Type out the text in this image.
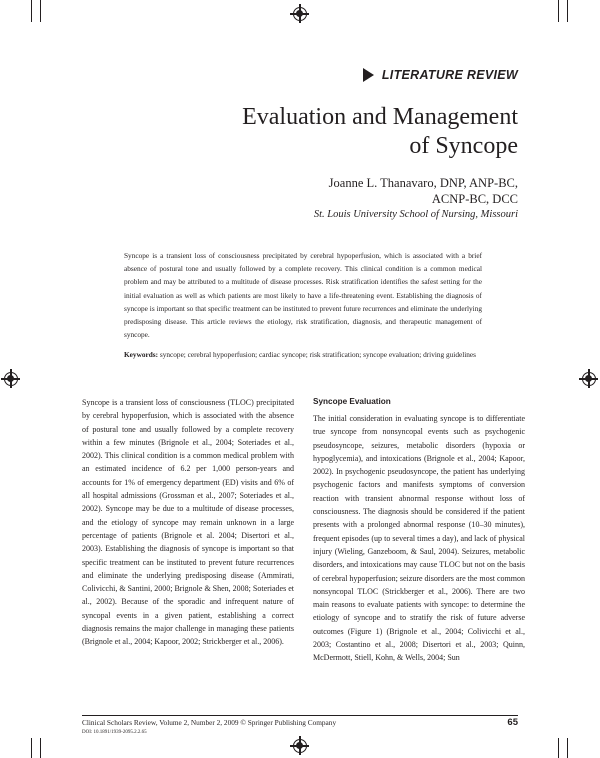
LITERATURE REVIEW
Evaluation and Management
of Syncope
Joanne L. Thanavaro, DNP, ANP-BC,
ACNP-BC, DCC
St. Louis University School of Nursing, Missouri
Syncope is a transient loss of consciousness precipitated by cerebral hypoperfusion, which is associated with a brief absence of postural tone and usually followed by a complete recovery. This clinical condition is a common medical problem and may be attributed to a multitude of disease processes. Risk stratification identifies the safest setting for the initial evaluation as well as which patients are most likely to have a life-threatening event. Establishing the diagnosis of syncope is important so that specific treatment can be instituted to prevent future recurrences and eliminate the underlying predisposing disease. This article reviews the etiology, risk stratification, diagnosis, and therapeutic management of syncope.
Keywords: syncope; cerebral hypoperfusion; cardiac syncope; risk stratification; syncope evaluation; driving guidelines

Syncope is a transient loss of consciousness (TLOC) precipitated by cerebral hypoperfusion, which is associated with the absence of postural tone and usually followed by a complete recovery within a few minutes (Brignole et al., 2004; Soteriades et al., 2002). This clinical condition is a common medical problem with an estimated incidence of 6.2 per 1,000 person-years and accounts for 1% of emergency department (ED) visits and 6% of all hospital admissions (Grossman et al., 2007; Soteriades et al., 2002). Syncope may be due to a multitude of disease processes, and the etiology of syncope may remain unknown in a large percentage of patients (Brignole et al. 2004; Disertori et al., 2003). Establishing the diagnosis of syncope is important so that specific treatment can be instituted to prevent future recurrences and eliminate the underlying predisposing disease (Ammirati, Colivicchi, & Santini, 2000; Brignole & Shen, 2008; Soteriades et al., 2002). Because of the sporadic and infrequent nature of syncopal events in a given patient, establishing a correct diagnosis remains the major challenge in managing these patients (Brignole et al., 2004; Kapoor, 2002; Strickberger et al., 2006).

Syncope Evaluation

The initial consideration in evaluating syncope is to differentiate true syncope from nonsyncopal events such as psychogenic pseudosyncope, seizures, metabolic disorders (hypoxia or hypoglycemia), and intoxications (Brignole et al., 2004; Kapoor, 2002). In psychogenic pseudosyncope, the patient has underlying psychogenic factors and manifests symptoms of conversion reaction with transient abnormal response without loss of consciousness. The diagnosis should be considered if the patient presents with a prolonged abnormal response (10–30 minutes), frequent episodes (up to several times a day), and lack of physical injury (Wieling, Ganzeboom, & Saul, 2004). Seizures, metabolic disorders, and intoxications may cause TLOC but not on the basis of cerebral hypoperfusion; seizure disorders are the most common nonsyncopal TLOC (Strickberger et al., 2006). There are two main reasons to evaluate patients with syncope: to determine the etiology of syncope and to stratify the risk of future adverse outcomes (Figure 1) (Brignole et al., 2004; Colivicchi et al., 2003; Costantino et al., 2008; Disertori et al., 2003; Quinn, McDermott, Stiell, Kohn, & Wells, 2004; Sun

Clinical Scholars Review, Volume 2, Number 2, 2009 © Springer Publishing Company
DOI: 10.1891/1939-2095.2.2.65
65
